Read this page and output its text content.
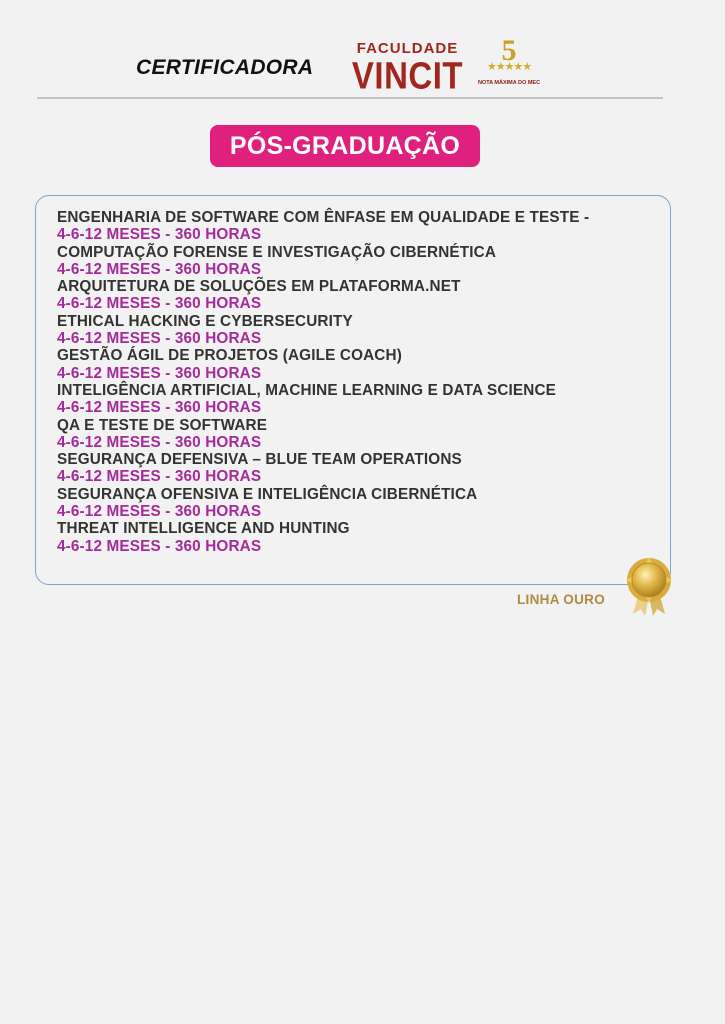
CERTIFICADORA
FACULDADE
VINCIT
5
★★★★★
NOTA MÁXIMA DO MEC
PÓS-GRADUAÇÃO
ENGENHARIA DE SOFTWARE COM ÊNFASE EM QUALIDADE E TESTE -
4-6-12 MESES - 360 HORAS
COMPUTAÇÃO FORENSE E INVESTIGAÇÃO CIBERNÉTICA
4-6-12 MESES - 360 HORAS
ARQUITETURA DE SOLUÇÕES EM PLATAFORMA.NET
4-6-12 MESES - 360 HORAS
ETHICAL HACKING E CYBERSECURITY
4-6-12 MESES - 360 HORAS
GESTÃO ÁGIL DE PROJETOS (AGILE COACH)
4-6-12 MESES - 360 HORAS
INTELIGÊNCIA ARTIFICIAL, MACHINE LEARNING E DATA SCIENCE
4-6-12 MESES - 360 HORAS
QA E TESTE DE SOFTWARE
4-6-12 MESES - 360 HORAS
SEGURANÇA DEFENSIVA – BLUE TEAM OPERATIONS
4-6-12 MESES - 360 HORAS
SEGURANÇA OFENSIVA E INTELIGÊNCIA CIBERNÉTICA
4-6-12 MESES - 360 HORAS
THREAT INTELLIGENCE AND HUNTING
4-6-12 MESES - 360 HORAS
LINHA OURO
